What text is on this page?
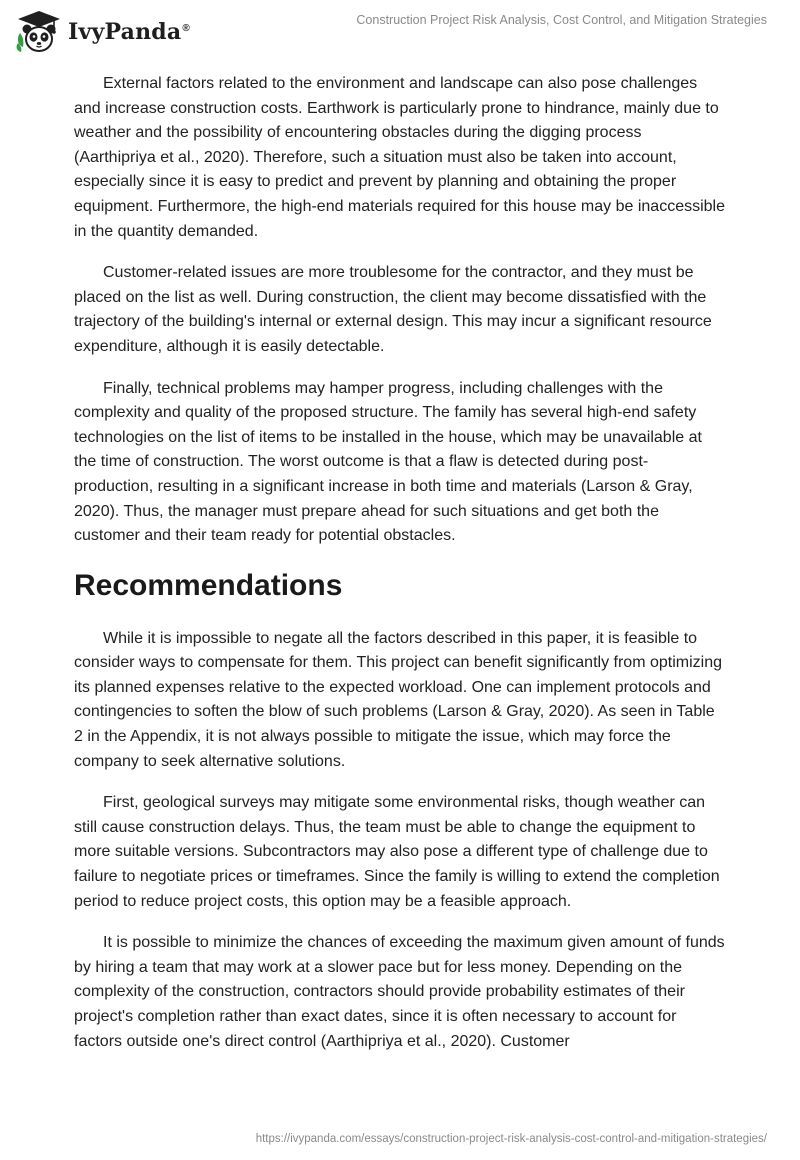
IvyPanda®
Construction Project Risk Analysis, Cost Control, and Mitigation Strategies

External factors related to the environment and landscape can also pose challenges and increase construction costs. Earthwork is particularly prone to hindrance, mainly due to weather and the possibility of encountering obstacles during the digging process (Aarthipriya et al., 2020). Therefore, such a situation must also be taken into account, especially since it is easy to predict and prevent by planning and obtaining the proper equipment. Furthermore, the high-end materials required for this house may be inaccessible in the quantity demanded.

Customer-related issues are more troublesome for the contractor, and they must be placed on the list as well. During construction, the client may become dissatisfied with the trajectory of the building's internal or external design. This may incur a significant resource expenditure, although it is easily detectable.

Finally, technical problems may hamper progress, including challenges with the complexity and quality of the proposed structure. The family has several high-end safety technologies on the list of items to be installed in the house, which may be unavailable at the time of construction. The worst outcome is that a flaw is detected during post-production, resulting in a significant increase in both time and materials (Larson & Gray, 2020). Thus, the manager must prepare ahead for such situations and get both the customer and their team ready for potential obstacles.

Recommendations

While it is impossible to negate all the factors described in this paper, it is feasible to consider ways to compensate for them. This project can benefit significantly from optimizing its planned expenses relative to the expected workload. One can implement protocols and contingencies to soften the blow of such problems (Larson & Gray, 2020). As seen in Table 2 in the Appendix, it is not always possible to mitigate the issue, which may force the company to seek alternative solutions.

First, geological surveys may mitigate some environmental risks, though weather can still cause construction delays. Thus, the team must be able to change the equipment to more suitable versions. Subcontractors may also pose a different type of challenge due to failure to negotiate prices or timeframes. Since the family is willing to extend the completion period to reduce project costs, this option may be a feasible approach.

It is possible to minimize the chances of exceeding the maximum given amount of funds by hiring a team that may work at a slower pace but for less money. Depending on the complexity of the construction, contractors should provide probability estimates of their project's completion rather than exact dates, since it is often necessary to account for factors outside one's direct control (Aarthipriya et al., 2020). Customer

https://ivypanda.com/essays/construction-project-risk-analysis-cost-control-and-mitigation-strategies/
